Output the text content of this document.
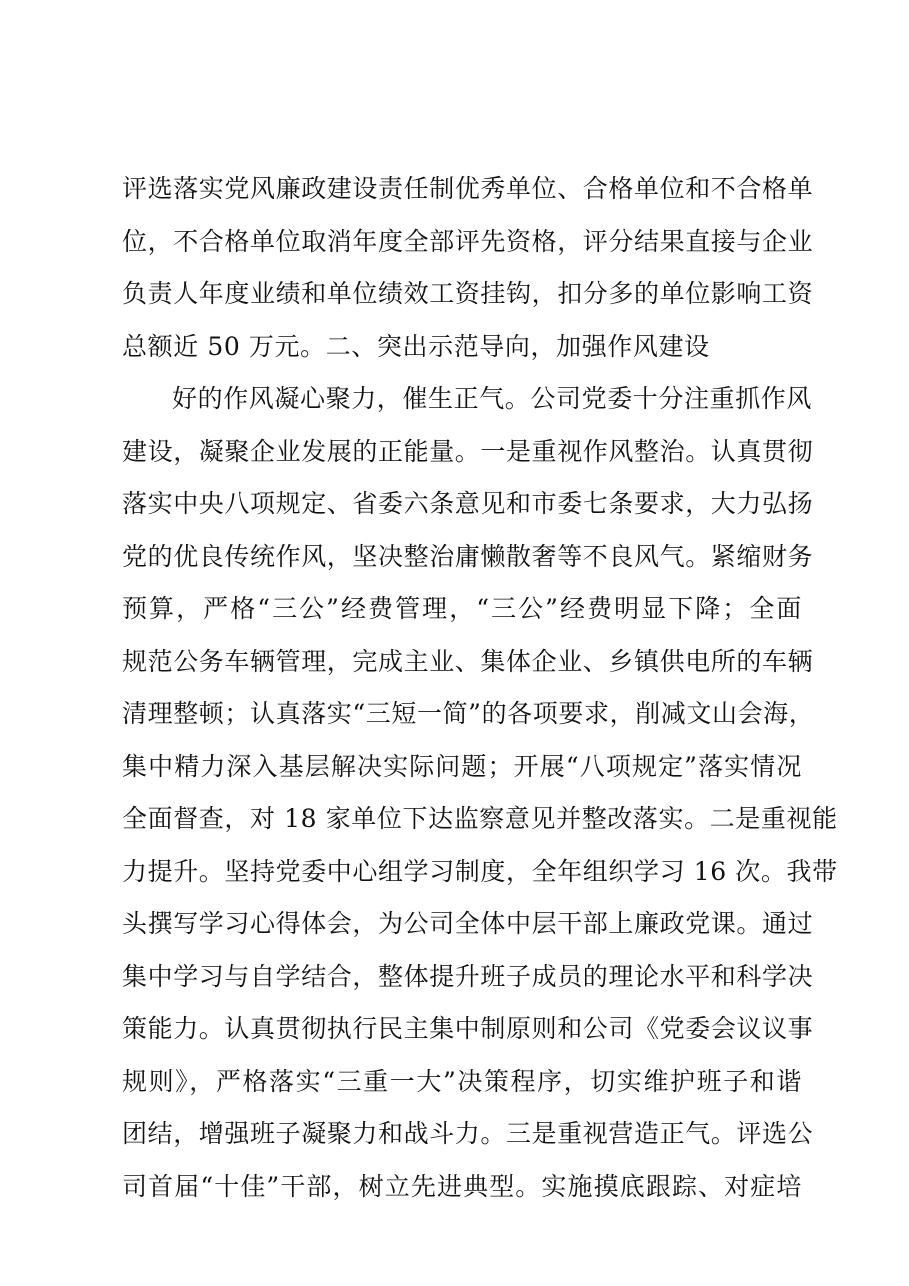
评选落实党风廉政建设责任制优秀单位、合格单位和不合格单
位，不合格单位取消年度全部评先资格，评分结果直接与企业
负责人年度业绩和单位绩效工资挂钩，扣分多的单位影响工资
总额近 50 万元。二、突出示范导向，加强作风建设
好的作风凝心聚力，催生正气。公司党委十分注重抓作风
建设，凝聚企业发展的正能量。一是重视作风整治。认真贯彻
落实中央八项规定、省委六条意见和市委七条要求，大力弘扬
党的优良传统作风，坚决整治庸懒散奢等不良风气。紧缩财务
预算，严格“三公”经费管理，“三公”经费明显下降；全面
规范公务车辆管理，完成主业、集体企业、乡镇供电所的车辆
清理整顿；认真落实“三短一简”的各项要求，削减文山会海，
集中精力深入基层解决实际问题；开展“八项规定”落实情况
全面督查，对 18 家单位下达监察意见并整改落实。二是重视能
力提升。坚持党委中心组学习制度，全年组织学习 16 次。我带
头撰写学习心得体会，为公司全体中层干部上廉政党课。通过
集中学习与自学结合，整体提升班子成员的理论水平和科学决
策能力。认真贯彻执行民主集中制原则和公司《党委会议议事
规则》，严格落实“三重一大”决策程序，切实维护班子和谐
团结，增强班子凝聚力和战斗力。三是重视营造正气。评选公
司首届“十佳”干部，树立先进典型。实施摸底跟踪、对症培
